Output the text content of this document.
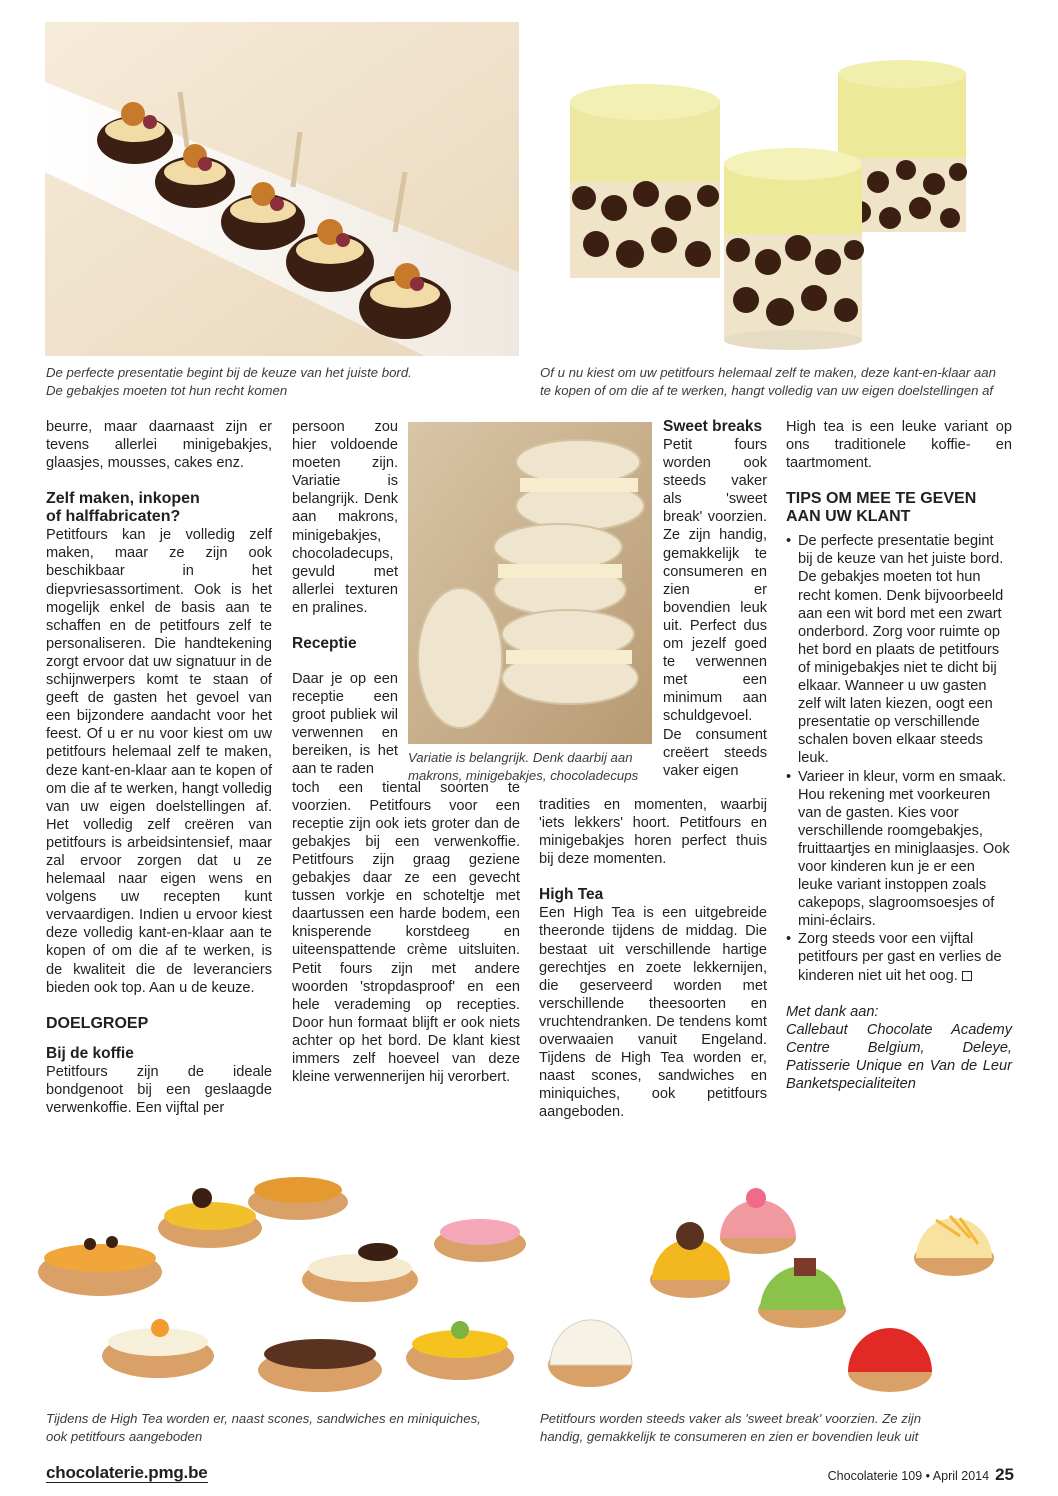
De perfecte presentatie begint bij de keuze van het juiste bord.
De gebakjes moeten tot hun recht komen
Of u nu kiest om uw petitfours helemaal zelf te maken, deze kant-en-klaar aan
te kopen of om die af te werken, hangt volledig van uw eigen doelstellingen af

beurre, maar daarnaast zijn er tevens allerlei minigebakjes, glaasjes, mousses, cakes enz.

Zelf maken, inkopen
of halffabricaten?

Petitfours kan je volledig zelf maken, maar ze zijn ook beschikbaar in het diepvriesassortiment. Ook is het mogelijk enkel de basis aan te schaffen en de petitfours zelf te personaliseren. Die handtekening zorgt ervoor dat uw signatuur in de schijnwerpers komt te staan of geeft de gasten het gevoel van een bijzondere aandacht voor het feest. Of u er nu voor kiest om uw petitfours helemaal zelf te maken, deze kant-en-klaar aan te kopen of om die af te werken, hangt volledig van uw eigen doelstellingen af. Het volledig zelf creëren van petitfours is arbeidsintensief, maar zal ervoor zorgen dat u ze helemaal naar eigen wens en volgens uw recepten kunt vervaardigen. Indien u ervoor kiest deze volledig kant-en-klaar aan te kopen of om die af te werken, is de kwaliteit die de leveranciers bieden ook top. Aan u de keuze.

DOELGROEP
Bij de koffie

Petitfours zijn de ideale bondgenoot bij een geslaagde verwenkoffie. Een vijftal per

persoon zou hier voldoende moeten zijn. Variatie is belangrijk. Denk aan makrons, minigebakjes, chocoladecups, gevuld met allerlei texturen en pralines.

Receptie

Daar je op een receptie een groot publiek wil verwennen en bereiken, is het aan te raden
toch een tiental soorten te voorzien. Petitfours voor een receptie zijn ook iets groter dan de gebakjes bij een verwenkoffie. Petitfours zijn graag geziene gebakjes daar ze een gevecht tussen vorkje en schoteltje met daartussen een harde bodem, een knisperende korstdeeg en uiteenspattende crème uitsluiten. Petit fours zijn met andere woorden 'stropdasproof' en een hele verademing op recepties. Door hun formaat blijft er ook niets achter op het bord. De klant kiest immers zelf hoeveel van deze kleine verwennerijen hij verorbert.

Variatie is belangrijk. Denk daarbij aan
makrons, minigebakjes, chocoladecups
Sweet breaks

Petit fours worden ook steeds vaker als 'sweet break' voorzien. Ze zijn handig, gemakkelijk te consumeren en zien er bovendien leuk uit. Perfect dus om jezelf goed te verwennen met een minimum aan schuldgevoel. De consument creëert steeds vaker eigen

tradities en momenten, waarbij 'iets lekkers' hoort. Petitfours en minigebakjes horen perfect thuis bij deze momenten.

High Tea

Een High Tea is een uitgebreide theeronde tijdens de middag. Die bestaat uit verschillende hartige gerechtjes en zoete lekkernijen, die geserveerd worden met verschillende theesoorten en vruchtendranken. De tendens komt overwaaien vanuit Engeland. Tijdens de High Tea worden er, naast scones, sandwiches en miniquiches, ook petitfours aangeboden.

High tea is een leuke variant op ons traditionele koffie- en taartmoment.

TIPS OM MEE TE GEVEN
AAN UW KLANT
• De perfecte presentatie begint bij de keuze van het juiste bord. De gebakjes moeten tot hun recht komen. Denk bijvoorbeeld aan een wit bord met een zwart onderbord. Zorg voor ruimte op het bord en plaats de petitfours of minigebakjes niet te dicht bij elkaar. Wanneer u uw gasten zelf wilt laten kiezen, oogt een presentatie op verschillende schalen boven elkaar steeds leuk.
• Varieer in kleur, vorm en smaak. Hou rekening met voorkeuren van de gasten. Kies voor verschillende roomgebakjes, fruittaartjes en miniglaasjes. Ook voor kinderen kun je er een leuke variant instoppen zoals cakepops, slagroomsoesjes of mini-éclairs.
• Zorg steeds voor een vijftal petitfours per gast en verlies de kinderen niet uit het oog.

Met dank aan:

Callebaut Chocolate Academy Centre Belgium, Deleye, Patisserie Unique en Van de Leur Banketspecialiteiten

Tijdens de High Tea worden er, naast scones, sandwiches en miniquiches,
ook petitfours aangeboden
Petitfours worden steeds vaker als 'sweet break' voorzien. Ze zijn
handig, gemakkelijk te consumeren en zien er bovendien leuk uit
chocolaterie.pmg.be	Chocolaterie 109 • April 2014 25
